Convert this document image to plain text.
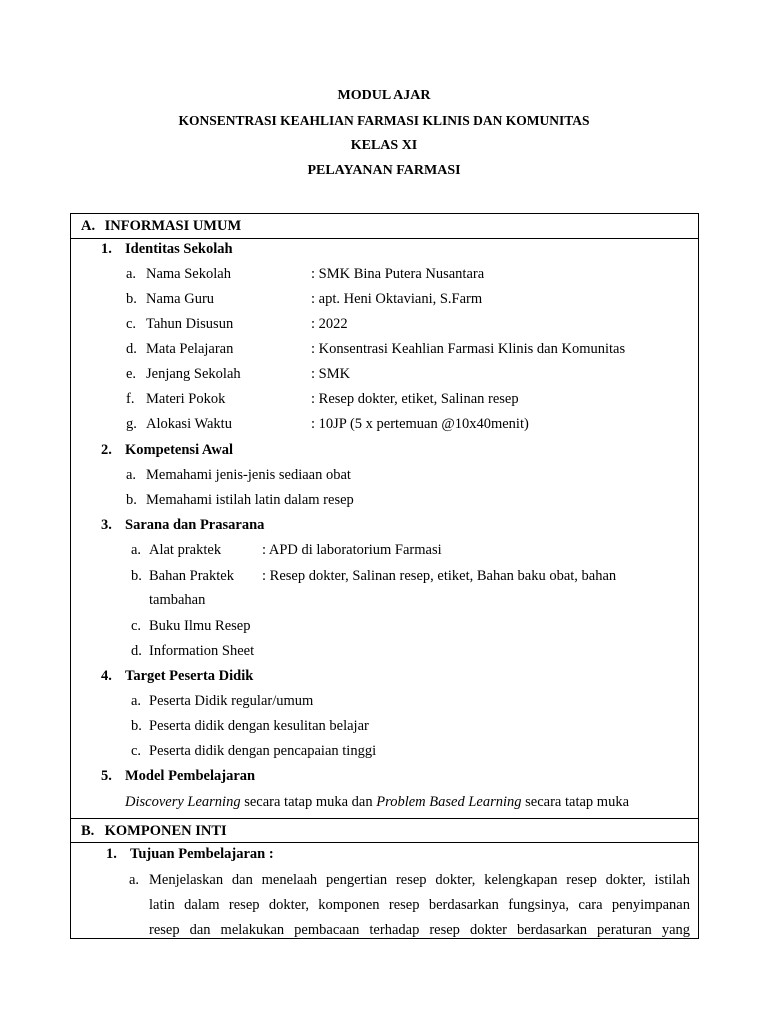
MODUL AJAR
KONSENTRASI KEAHLIAN FARMASI KLINIS DAN KOMUNITAS
KELAS XI
PELAYANAN FARMASI
A. INFORMASI UMUM
1. Identitas Sekolah
a. Nama Sekolah	: SMK Bina Putera Nusantara
b. Nama Guru	: apt. Heni Oktaviani, S.Farm
c. Tahun Disusun	: 2022
d. Mata Pelajaran	: Konsentrasi Keahlian Farmasi Klinis dan Komunitas
e. Jenjang Sekolah	: SMK
f. Materi Pokok	: Resep dokter, etiket, Salinan resep
g. Alokasi Waktu	: 10JP (5 x pertemuan @10x40menit)
2. Kompetensi Awal
a. Memahami jenis-jenis sediaan obat
b. Memahami istilah latin dalam resep
3. Sarana dan Prasarana
a. Alat praktek	: APD di laboratorium Farmasi
b. Bahan Praktek : Resep dokter, Salinan resep, etiket, Bahan baku obat, bahan
tambahan
c. Buku Ilmu Resep
d. Information Sheet
4. Target Peserta Didik
a. Peserta Didik regular/umum
b. Peserta didik dengan kesulitan belajar
c. Peserta didik dengan pencapaian tinggi
5. Model Pembelajaran
Discovery Learning secara tatap muka dan Problem Based Learning secara tatap muka
B. KOMPONEN INTI
1. Tujuan Pembelajaran :
a. Menjelaskan dan menelaah pengertian resep dokter, kelengkapan resep dokter, istilah
latin dalam resep dokter, komponen resep berdasarkan fungsinya, cara penyimpanan
resep dan melakukan pembacaan terhadap resep dokter berdasarkan peraturan yang
